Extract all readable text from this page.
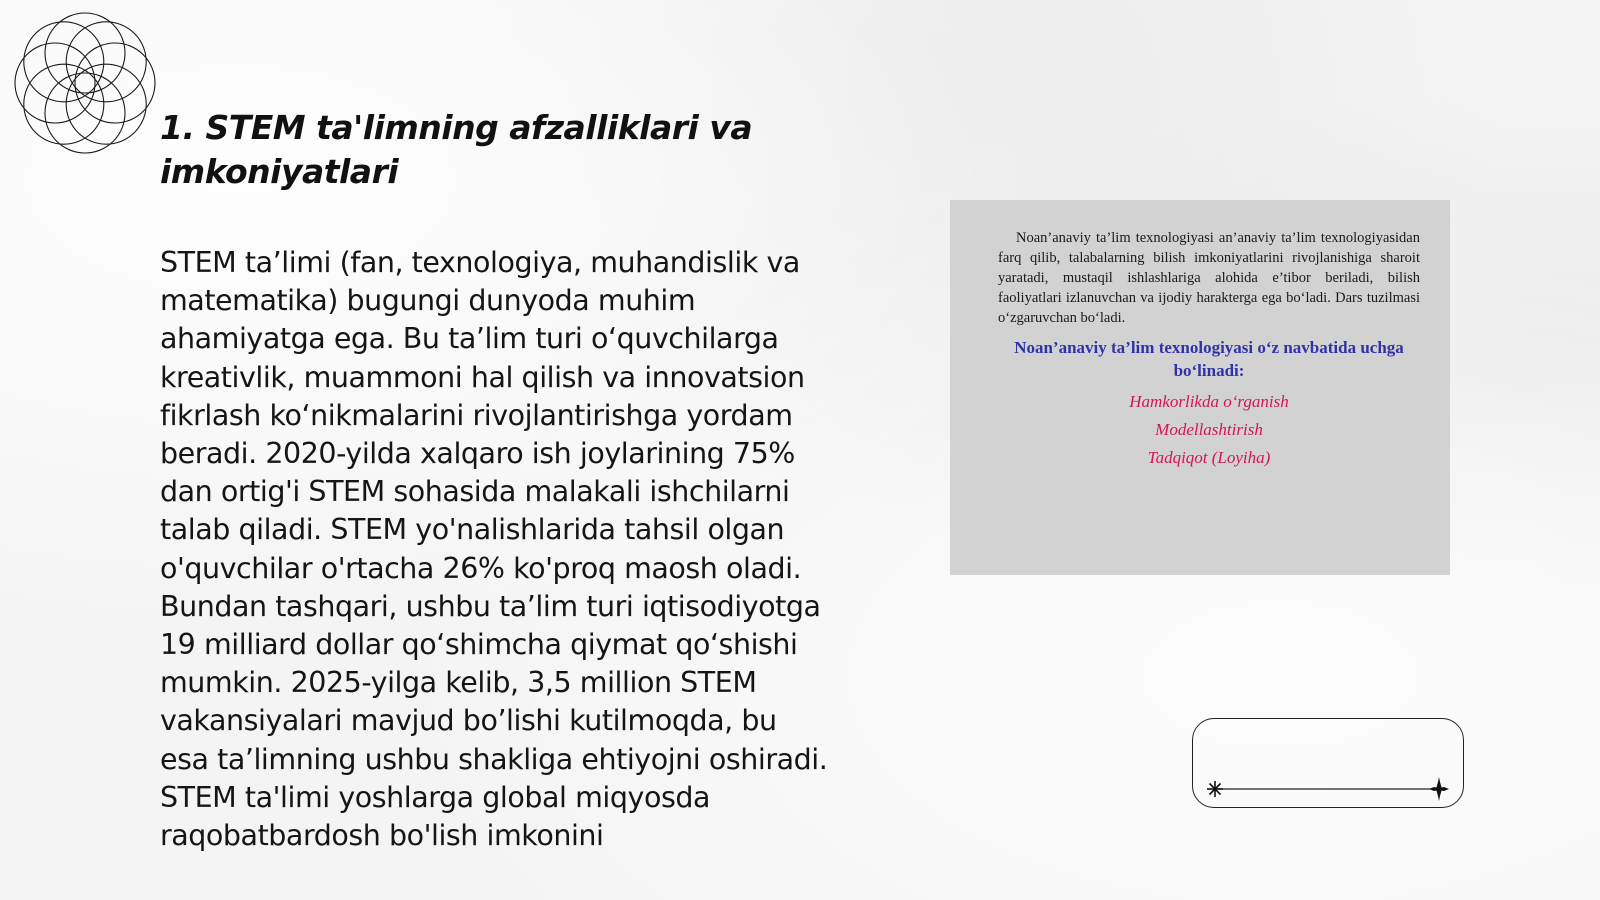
1. STEM ta'limning afzalliklari va imkoniyatlari

STEM ta’limi (fan, texnologiya, muhandislik va matematika) bugungi dunyoda muhim ahamiyatga ega. Bu ta’lim turi o‘quvchilarga kreativlik, muammoni hal qilish va innovatsion fikrlash ko‘nikmalarini rivojlantirishga yordam beradi. 2020-yilda xalqaro ish joylarining 75% dan ortig'i STEM sohasida malakali ishchilarni talab qiladi. STEM yo'nalishlarida tahsil olgan o'quvchilar o'rtacha 26% ko'proq maosh oladi. Bundan tashqari, ushbu ta’lim turi iqtisodiyotga 19 milliard dollar qo‘shimcha qiymat qo‘shishi mumkin. 2025-yilga kelib, 3,5 million STEM vakansiyalari mavjud bo’lishi kutilmoqda, bu esa ta’limning ushbu shakliga ehtiyojni oshiradi. STEM ta'limi yoshlarga global miqyosda raqobatbardosh bo'lish imkonini

Noan’anaviy ta’lim texnologiyasi an’anaviy ta’lim texnologiyasidan farq qilib, talabalarning bilish imkoniyatlarini rivojlanishiga sharoit yaratadi, mustaqil ishlashlariga alohida e’tibor beriladi, bilish faoliyatlari izlanuvchan va ijodiy harakterga ega bo‘ladi. Dars tuzilmasi o‘zgaruvchan bo‘ladi.

Noan’anaviy ta’lim texnologiyasi o‘z navbatida uchga bo‘linadi:

Hamkorlikda o‘rganish

Modellashtirish

Tadqiqot (Loyiha)
